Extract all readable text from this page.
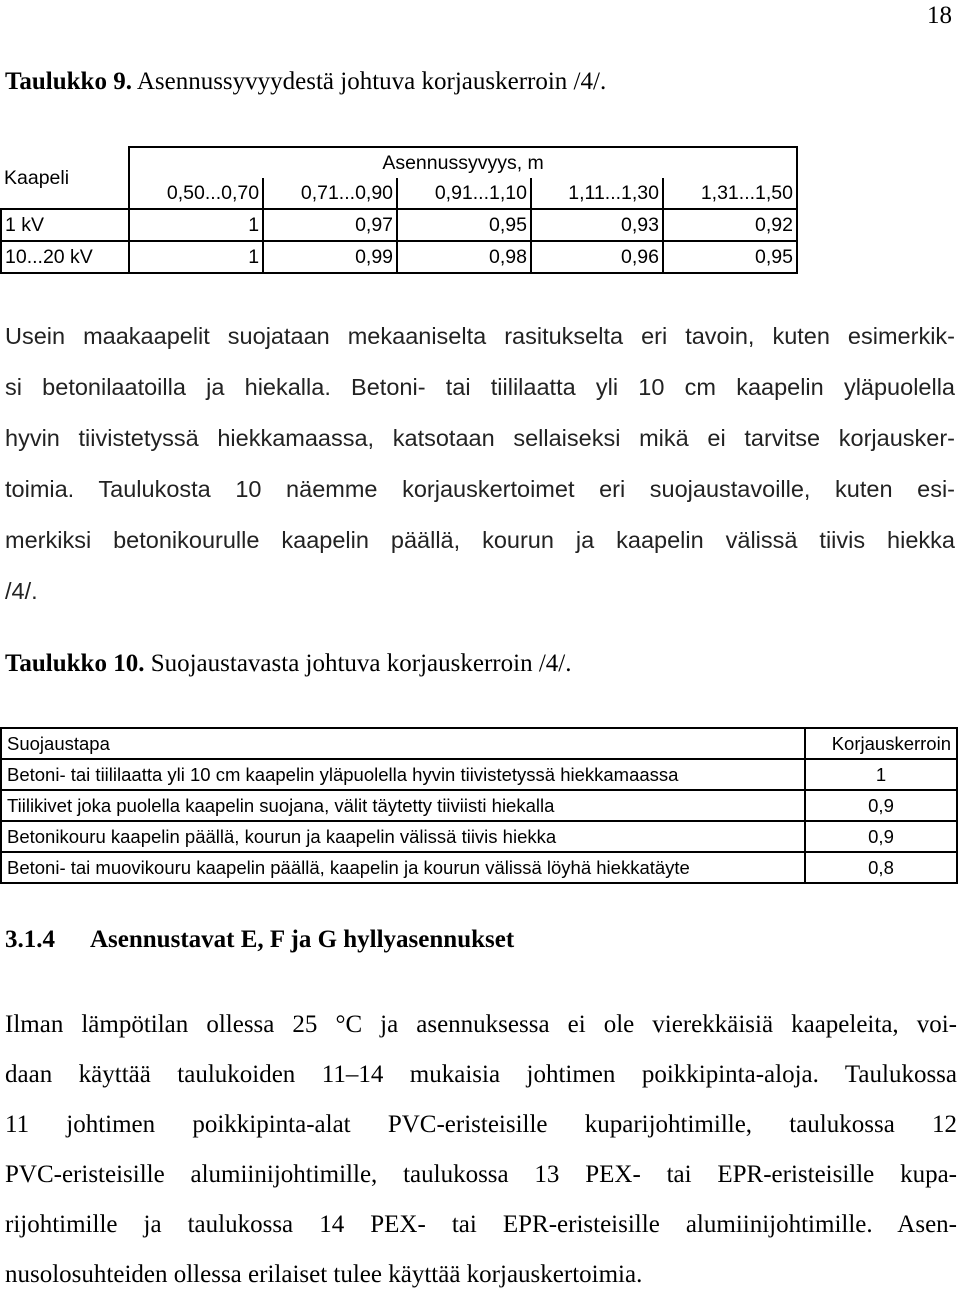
18
Taulukko 9. Asennussyvyydestä johtuva korjauskerroin /4/.
Kaapeli	Asennussyvyys, m				
	0,50...0,70	0,71...0,90	0,91...1,10	1,11...1,30	1,31...1,50
1 kV	1	0,97	0,95	0,93	0,92
10...20 kV	1	0,99	0,98	0,96	0,95
Usein maakaapelit suojataan mekaaniselta rasitukselta eri tavoin, kuten esimerkik-
si betonilaatoilla ja hiekalla. Betoni- tai tiililaatta yli 10 cm kaapelin yläpuolella
hyvin tiivistetyssä hiekkamaassa, katsotaan sellaiseksi mikä ei tarvitse korjausker-
toimia. Taulukosta 10 näemme korjauskertoimet eri suojaustavoille, kuten esi-
merkiksi betonikourulle kaapelin päällä, kourun ja kaapelin välissä tiivis hiekka
/4/.
Taulukko 10. Suojaustavasta johtuva korjauskerroin /4/.
Suojaustapa	Korjauskerroin
Betoni- tai tiililaatta yli 10 cm kaapelin yläpuolella hyvin tiivistetyssä hiekkamaassa	1
Tiilikivet joka puolella kaapelin suojana, välit täytetty tiiviisti hiekalla	0,9
Betonikouru kaapelin päällä, kourun ja kaapelin välissä tiivis hiekka	0,9
Betoni- tai muovikouru kaapelin päällä, kaapelin ja kourun välissä löyhä hiekkatäyte	0,8
3.1.4 Asennustavat E, F ja G hyllyasennukset
Ilman lämpötilan ollessa 25 °C ja asennuksessa ei ole vierekkäisiä kaapeleita, voi-
daan käyttää taulukoiden 11–14 mukaisia johtimen poikkipinta-aloja. Taulukossa
11 johtimen poikkipinta-alat PVC-eristeisille kuparijohtimille, taulukossa 12
PVC-eristeisille alumiinijohtimille, taulukossa 13 PEX- tai EPR-eristeisille kupa-
rijohtimille ja taulukossa 14 PEX- tai EPR-eristeisille alumiinijohtimille. Asen-
nusolosuhteiden ollessa erilaiset tulee käyttää korjauskertoimia.
